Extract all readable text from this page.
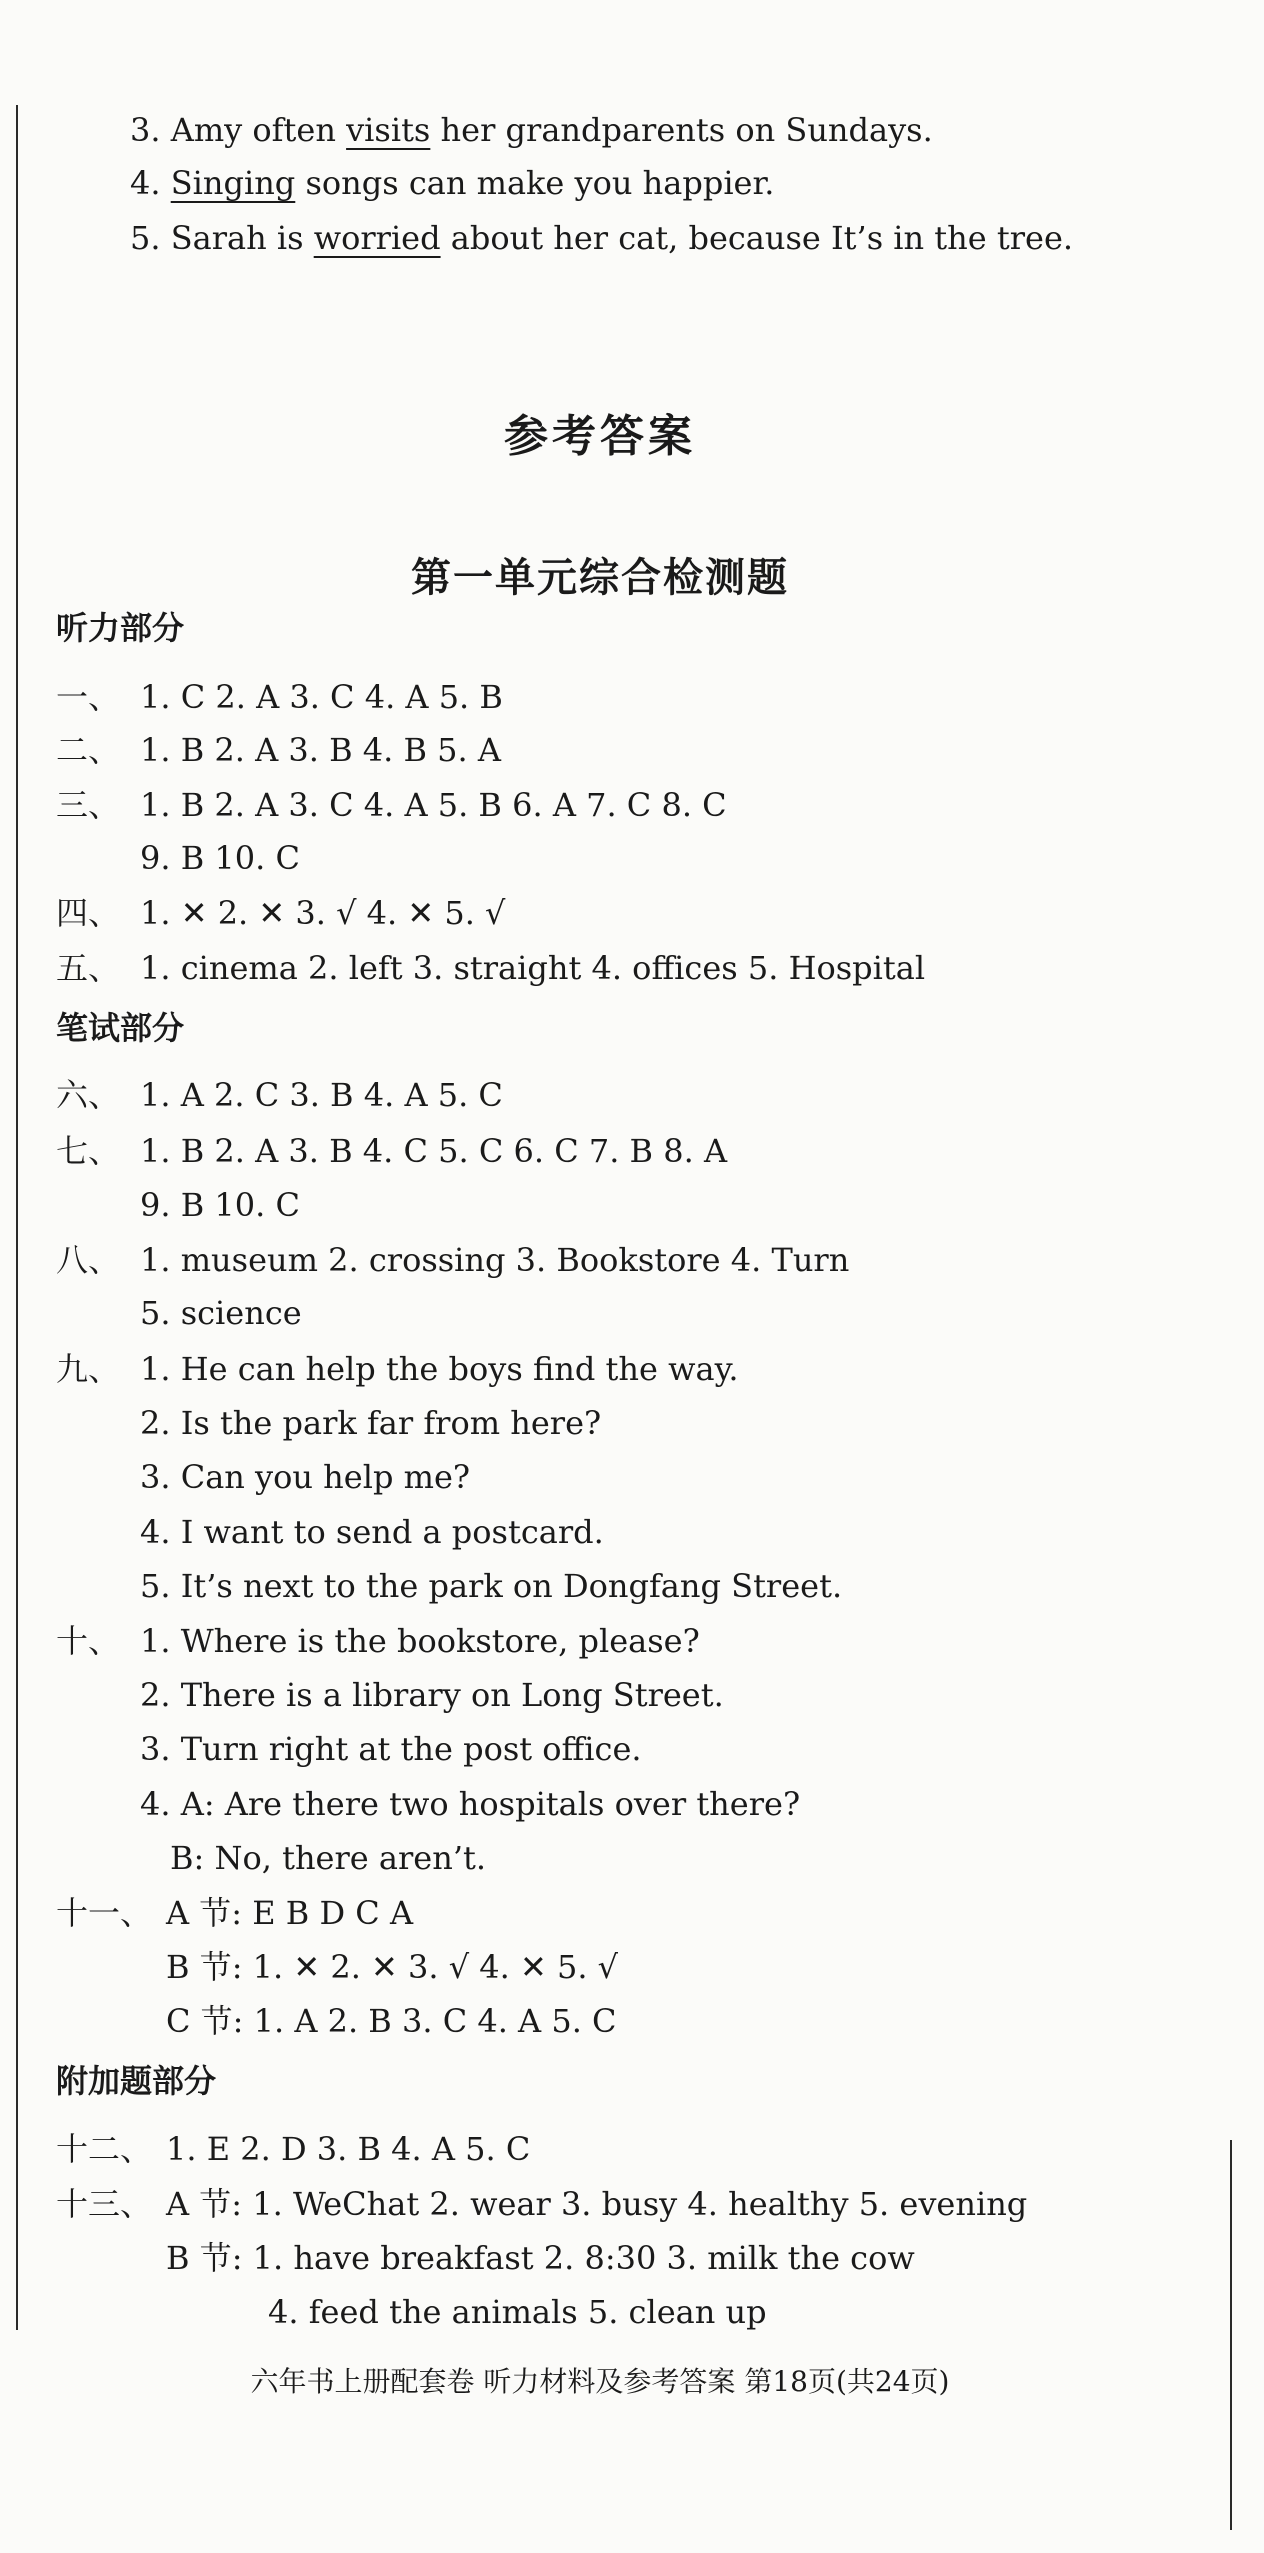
3. Amy often visits her grandparents on Sundays.
4. Singing songs can make you happier.
5. Sarah is worried about her cat, because It’s in the tree.
参考答案
第一单元综合检测题
听力部分
一、 1. C 2. A 3. C 4. A 5. B
二、 1. B 2. A 3. B 4. B 5. A
三、 1. B 2. A 3. C 4. A 5. B 6. A 7. C 8. C
9. B 10. C
四、 1. ✕ 2. ✕ 3. √ 4. ✕ 5. √
五、 1. cinema 2. left 3. straight 4. offices 5. Hospital
笔试部分
六、 1. A 2. C 3. B 4. A 5. C
七、 1. B 2. A 3. B 4. C 5. C 6. C 7. B 8. A
9. B 10. C
八、 1. museum 2. crossing 3. Bookstore 4. Turn
5. science
九、 1. He can help the boys find the way.
2. Is the park far from here?
3. Can you help me?
4. I want to send a postcard.
5. It’s next to the park on Dongfang Street.
十、 1. Where is the bookstore, please?
2. There is a library on Long Street.
3. Turn right at the post office.
4. A: Are there two hospitals over there?
B: No, there aren’t.
十一、 A 节: E B D C A
B 节: 1. ✕ 2. ✕ 3. √ 4. ✕ 5. √
C 节: 1. A 2. B 3. C 4. A 5. C
附加题部分
十二、 1. E 2. D 3. B 4. A 5. C
十三、 A 节: 1. WeChat 2. wear 3. busy 4. healthy 5. evening
B 节: 1. have breakfast 2. 8:30 3. milk the cow
4. feed the animals 5. clean up
六年书上册配套卷 听力材料及参考答案 第18页(共24页)
